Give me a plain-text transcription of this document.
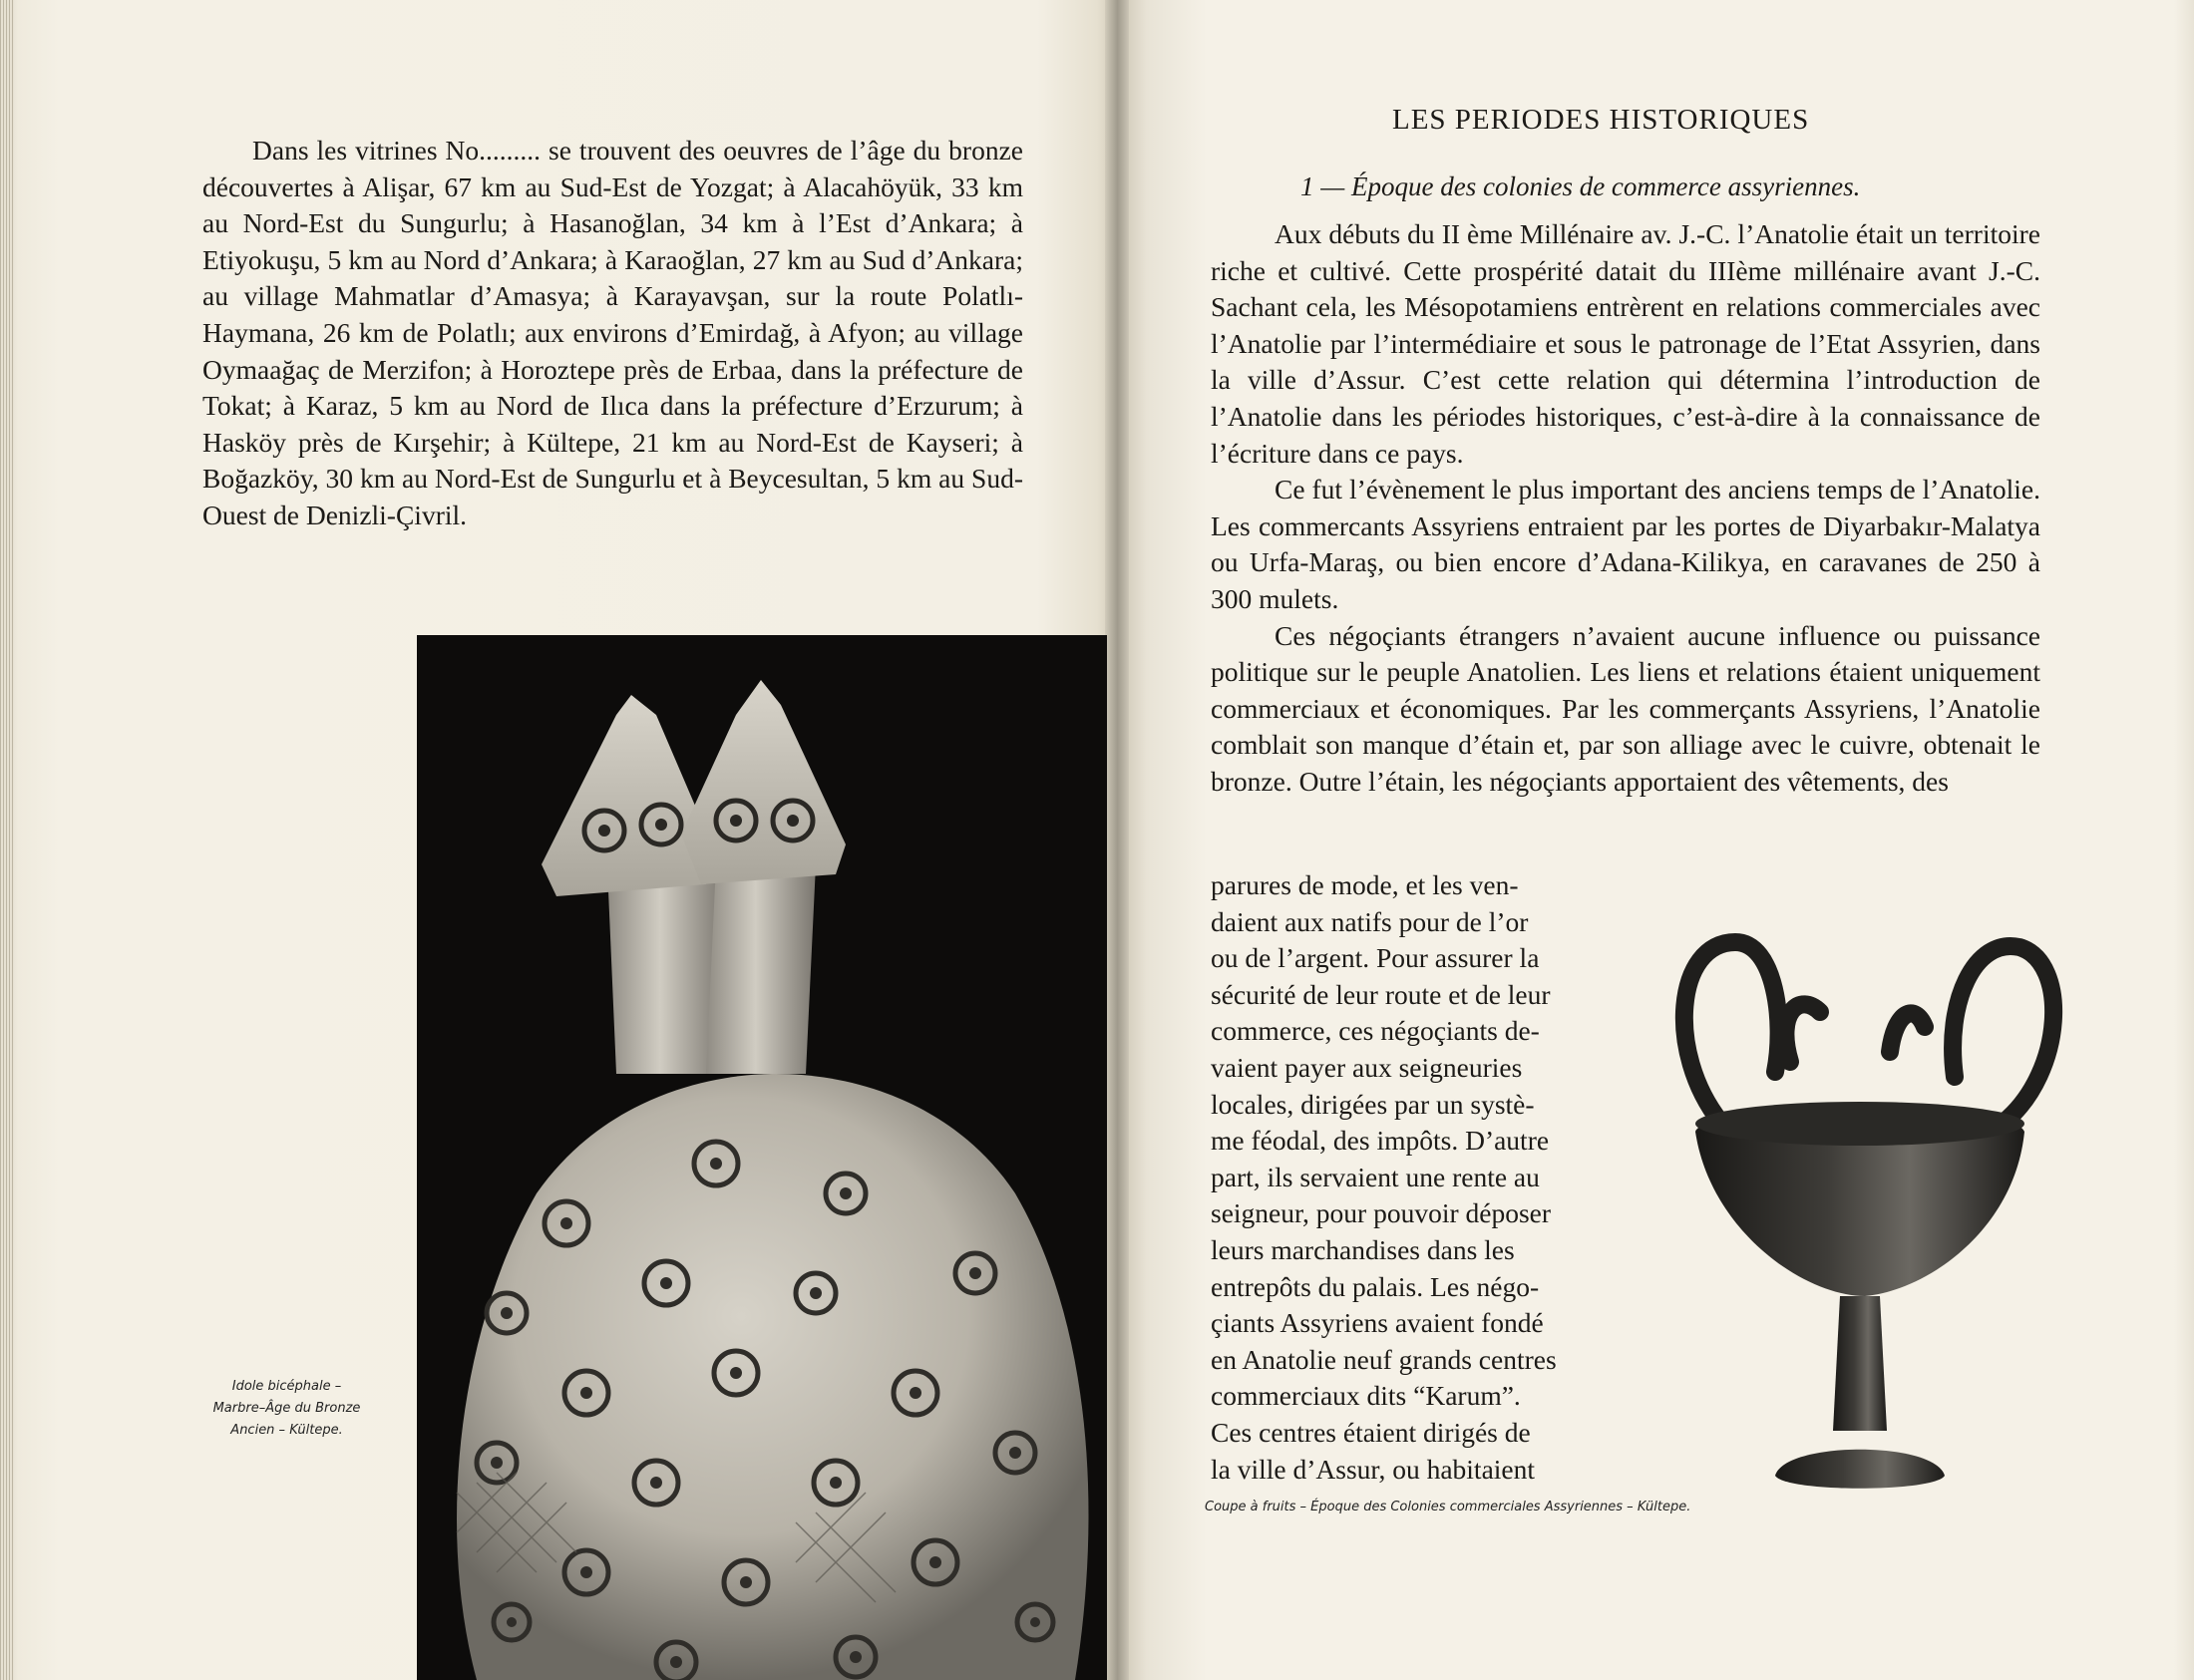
Dans les vitrines No......... se trouvent des oeuvres de l’âge du bronze découvertes à Alişar, 67 km au Sud-Est de Yozgat; à Alacahöyük, 33 km au Nord-Est du Sungurlu; à Hasanoğlan, 34 km à l’Est d’Ankara; à Etiyokuşu, 5 km au Nord d’Ankara; à Karaoğlan, 27 km au Sud d’Ankara; au village Mahmatlar d’Amasya; à Karayavşan, sur la route Polatlı-Haymana, 26 km de Polatlı; aux environs d’Emirdağ, à Afyon; au village Oymaağaç de Merzifon; à Horoztepe près de Erbaa, dans la préfecture de Tokat; à Karaz, 5 km au Nord de Ilıca dans la préfecture d’Erzurum; à Hasköy près de Kırşehir; à Kültepe, 21 km au Nord-Est de Kayseri; à Boğazköy, 30 km au Nord-Est de Sungurlu et à Beycesultan, 5 km au Sud-Ouest de Denizli-Çivril.

Idole bicéphale –
Marbre–Âge du Bronze
Ancien – Kültepe.
LES PERIODES HISTORIQUES
1 — Époque des colonies de commerce assyriennes.

Aux débuts du II ème Millénaire av. J.-C. l’Anatolie était un territoire riche et cultivé. Cette prospérité datait du IIIème millénaire avant J.-C. Sachant cela, les Mésopotamiens entrèrent en relations commerciales avec l’Anatolie par l’intermédiaire et sous le patronage de l’Etat Assyrien, dans la ville d’Assur. C’est cette relation qui détermina l’introduction de l’Anatolie dans les périodes historiques, c’est-à-dire à la connaissance de l’écriture dans ce pays.

Ce fut l’évènement le plus important des anciens temps de l’Anatolie. Les commercants Assyriens entraient par les portes de Diyarbakır-Malatya ou Urfa-Maraş, ou bien encore d’Adana-Kilikya, en caravanes de 250 à 300 mulets.

Ces négoçiants étrangers n’avaient aucune influence ou puissance politique sur le peuple Anatolien. Les liens et relations étaient uniquement commerciaux et économiques. Par les commerçants Assyriens, l’Anatolie comblait son manque d’étain et, par son alliage avec le cuivre, obtenait le bronze. Outre l’étain, les négoçiants apportaient des vêtements, des

parures de mode, et les ven-
daient aux natifs pour de l’or
ou de l’argent. Pour assurer la
sécurité de leur route et de leur
commerce, ces négoçiants de-
vaient payer aux seigneuries
locales, dirigées par un systè-
me féodal, des impôts. D’autre
part, ils servaient une rente au
seigneur, pour pouvoir déposer
leurs marchandises dans les
entrepôts du palais. Les négo-
çiants Assyriens avaient fondé
en Anatolie neuf grands centres
commerciaux dits “Karum”.
Ces centres étaient dirigés de
la ville d’Assur, ou habitaient
Coupe à fruits – Époque des Colonies commerciales Assyriennes – Kültepe.
